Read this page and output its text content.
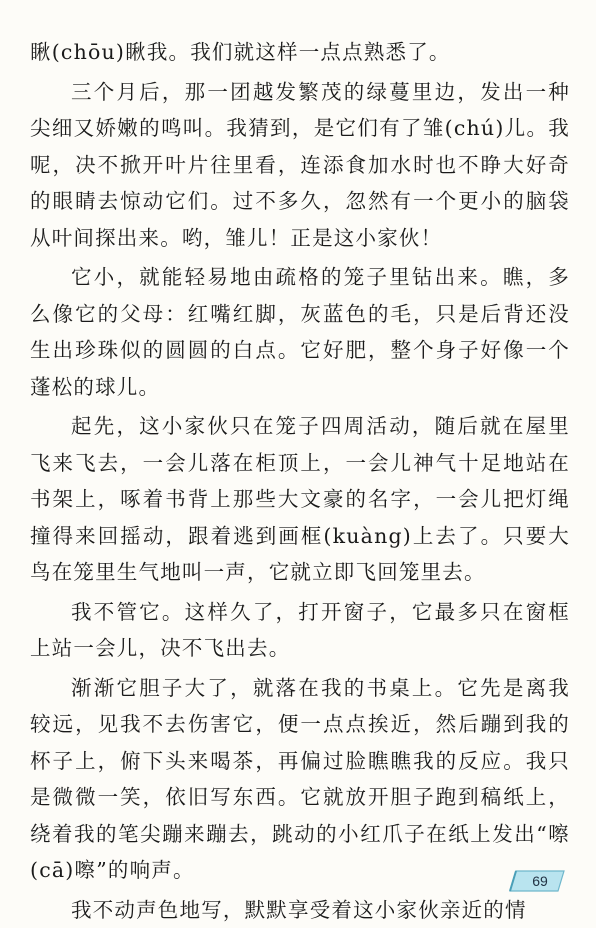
瞅(chōu)瞅我。我们就这样一点点熟悉了。

三个月后，那一团越发繁茂的绿蔓里边，发出一种尖细又娇嫩的鸣叫。我猜到，是它们有了雏(chú)儿。我呢，决不掀开叶片往里看，连添食加水时也不睁大好奇的眼睛去惊动它们。过不多久，忽然有一个更小的脑袋从叶间探出来。哟，雏儿！正是这小家伙！

它小，就能轻易地由疏格的笼子里钻出来。瞧，多么像它的父母：红嘴红脚，灰蓝色的毛，只是后背还没生出珍珠似的圆圆的白点。它好肥，整个身子好像一个蓬松的球儿。

起先，这小家伙只在笼子四周活动，随后就在屋里飞来飞去，一会儿落在柜顶上，一会儿神气十足地站在书架上，啄着书背上那些大文豪的名字，一会儿把灯绳撞得来回摇动，跟着逃到画框(kuàng)上去了。只要大鸟在笼里生气地叫一声，它就立即飞回笼里去。

我不管它。这样久了，打开窗子，它最多只在窗框上站一会儿，决不飞出去。

渐渐它胆子大了，就落在我的书桌上。它先是离我较远，见我不去伤害它，便一点点挨近，然后蹦到我的杯子上，俯下头来喝茶，再偏过脸瞧瞧我的反应。我只是微微一笑，依旧写东西。它就放开胆子跑到稿纸上，绕着我的笔尖蹦来蹦去，跳动的小红爪子在纸上发出“嚓(cā)嚓”的响声。

我不动声色地写，默默享受着这小家伙亲近的情

69
